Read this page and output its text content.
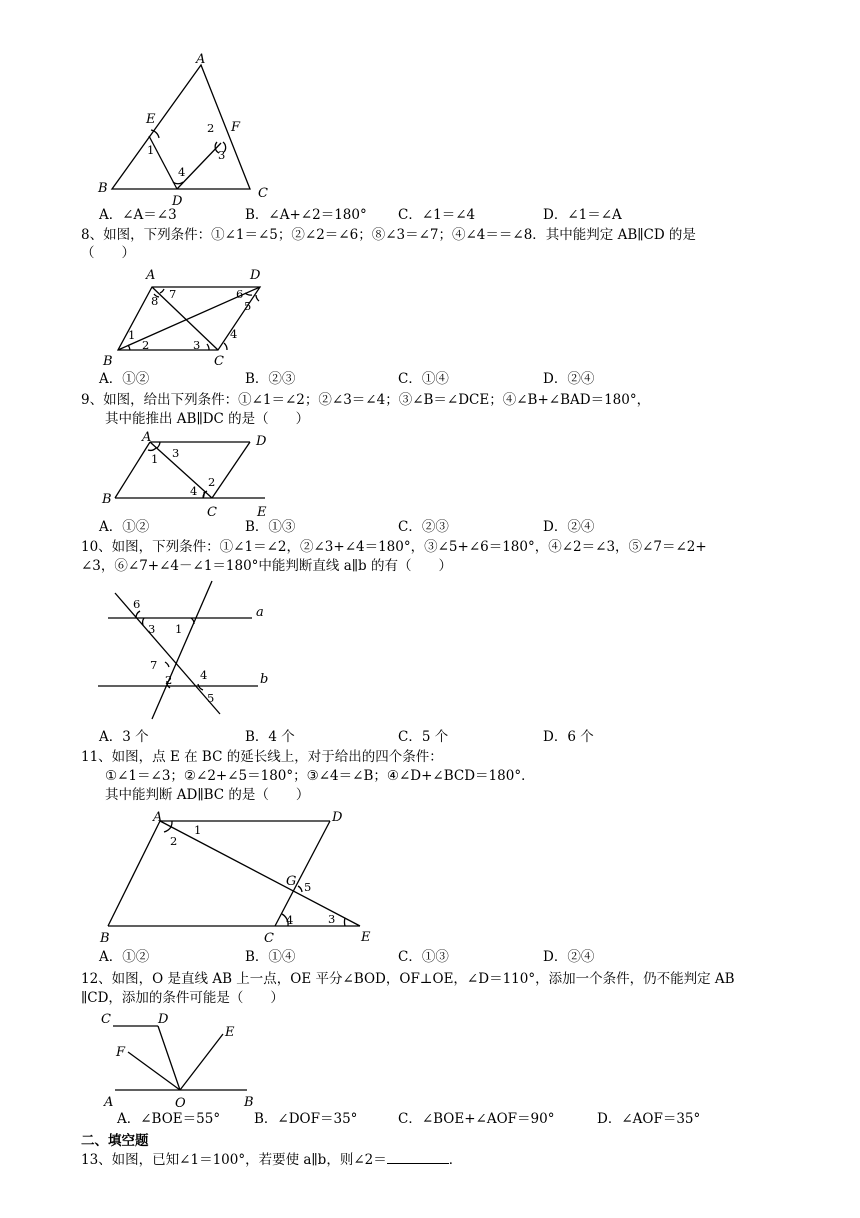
A
E
F
B	C
D
1
2
3
4
A．∠A＝∠3	B．∠A+∠2＝180° C．∠1＝∠4	D．∠1＝∠A
8、如图，下列条件：①∠1＝∠5；②∠2＝∠6；⑧∠3＝∠7；④∠4＝＝∠8．其中能判定 AB∥CD 的是
（　　）
A	D
B	C
8 7	6
5
1
2	3
4
A．①②	B．②③	C．①④	D．②④
9、如图，给出下列条件：①∠1＝∠2；②∠3＝∠4；③∠B＝∠DCE；④∠B+∠BAD＝180°，
其中能推出 AB∥DC 的是（　　）
A	D
B
C	E
1 3
2
4
A．①②	B．①③	C．②③	D．②④
10、如图，下列条件：①∠1＝∠2，②∠3+∠4＝180°，③∠5+∠6＝180°，④∠2＝∠3，⑤∠7＝∠2+
∠3，⑥∠7+∠4－∠1＝180°中能判断直线 a∥b 的有（　　）
6
3 1
a
7
2 4
5
b
A．3 个	B．4 个	C．5 个	D．6 个
11、如图，点 E 在 BC 的延长线上，对于给出的四个条件：
①∠1＝∠3；②∠2+∠5＝180°；③∠4＝∠B；④∠D+∠BCD＝180°．
其中能判断 AD∥BC 的是（　　）
A	D
B	C	E
G
1
2
5
4	3
A．①②	B．①④	C．①③	D．②④
12、如图，O 是直线 AB 上一点，OE 平分∠BOD，OF⊥OE，∠D＝110°，添加一个条件，仍不能判定 AB
∥CD，添加的条件可能是（　　）
C	D
E
F
A	O	B
A．∠BOE＝55°	B．∠DOF＝35°	C．∠BOE+∠AOF＝90°	D．∠AOF＝35°
二、填空题
13、如图，已知∠1＝100°，若要使 a∥b，则∠2＝	．
